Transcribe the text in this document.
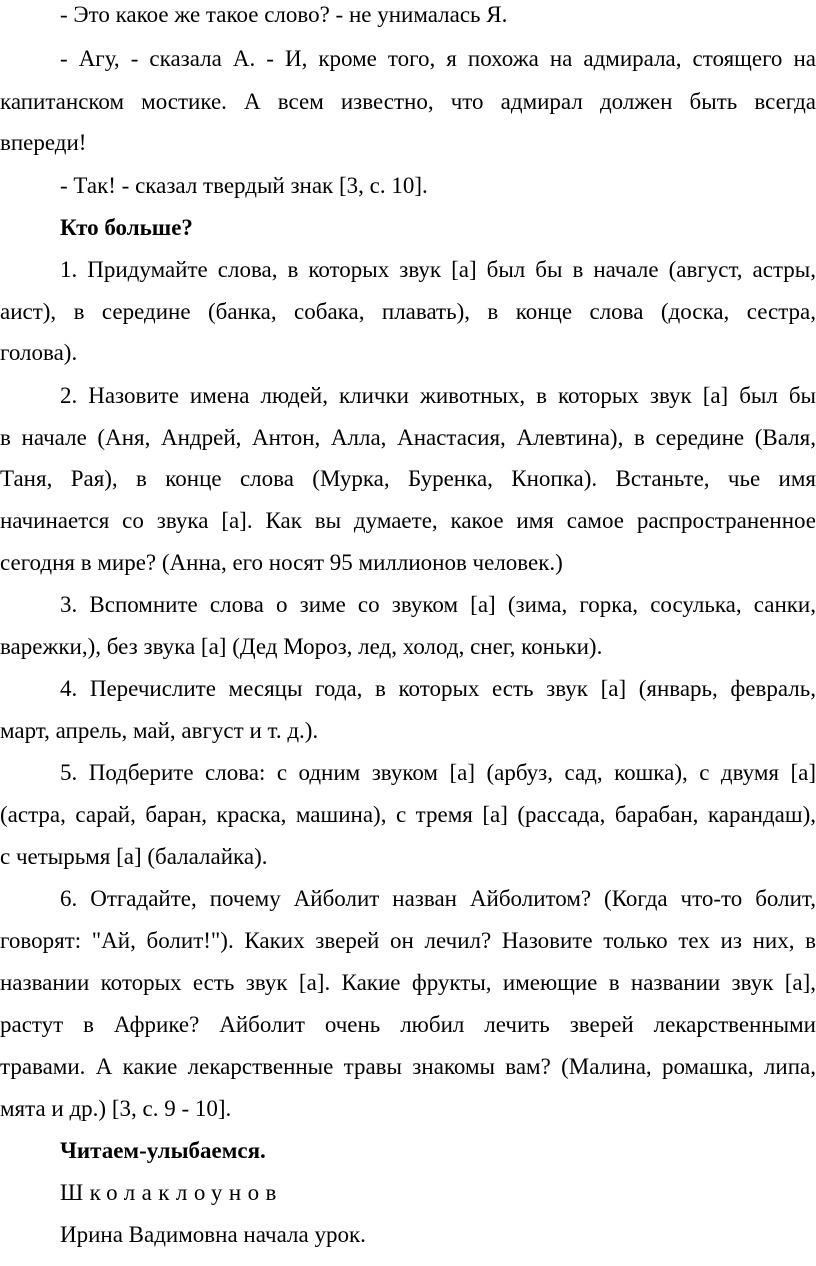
- Это какое же такое слово? - не унималась Я.
- Агу, - сказала А. - И, кроме того, я похожа на адмирала, стоящего на
капитанском мостике. А всем известно, что адмирал должен быть всегда
впереди!
- Так! - сказал твердый знак [3, с. 10].
Кто больше?
1. Придумайте слова, в которых звук [а] был бы в начале (август, астры,
аист), в середине (банка, собака, плавать), в конце слова (доска, сестра,
голова).
2. Назовите имена людей, клички животных, в которых звук [а] был бы
в начале (Аня, Андрей, Антон, Алла, Анастасия, Алевтина), в середине (Валя,
Таня, Рая), в конце слова (Мурка, Буренка, Кнопка). Встаньте, чье имя
начинается со звука [а]. Как вы думаете, какое имя самое распространенное
сегодня в мире? (Анна, его носят 95 миллионов человек.)
3. Вспомните слова о зиме со звуком [а] (зима, горка, сосулька, санки,
варежки,), без звука [а] (Дед Мороз, лед, холод, снег, коньки).
4. Перечислите месяцы года, в которых есть звук [а] (январь, февраль,
март, апрель, май, август и т. д.).
5. Подберите слова: с одним звуком [а] (арбуз, сад, кошка), с двумя [а]
(астра, сарай, баран, краска, машина), с тремя [а] (рассада, барабан, карандаш),
с четырьмя [а] (балалайка).
6. Отгадайте, почему Айболит назван Айболитом? (Когда что-то болит,
говорят: "Ай, болит!"). Каких зверей он лечил? Назовите только тех из них, в
названии которых есть звук [а]. Какие фрукты, имеющие в названии звук [а],
растут в Африке? Айболит очень любил лечить зверей лекарственными
травами. А какие лекарственные травы знакомы вам? (Малина, ромашка, липа,
мята и др.) [3, с. 9 - 10].
Читаем-улыбаемся.
Школаклоунов
Ирина Вадимовна начала урок.
